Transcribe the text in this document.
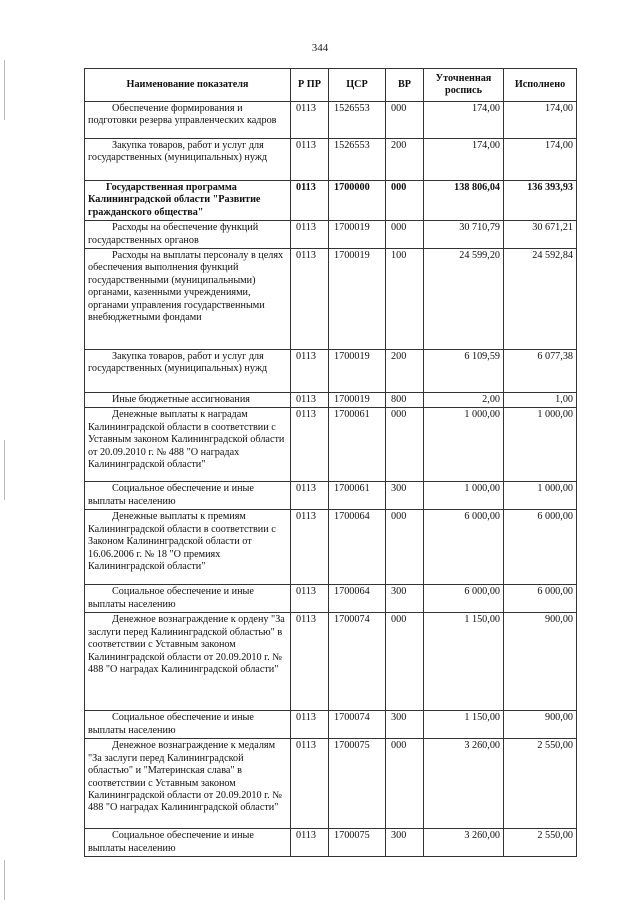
344
Наименование показателя	Р ПР	ЦСР	ВР	Уточненная роспись	Исполнено
Обеспечение формирования и подготовки резерва управленческих кадров	0113	1526553	000	174,00	174,00
Закупка товаров, работ и услуг для государственных (муниципальных) нужд	0113	1526553	200	174,00	174,00
Государственная программа Калининградской области "Развитие гражданского общества"	0113	1700000	000	138 806,04	136 393,93
Расходы на обеспечение функций государственных органов	0113	1700019	000	30 710,79	30 671,21
Расходы на выплаты персоналу в целях обеспечения выполнения функций государственными (муниципальными) органами, казенными учреждениями, органами управления государственными внебюджетными фондами	0113	1700019	100	24 599,20	24 592,84
Закупка товаров, работ и услуг для государственных (муниципальных) нужд	0113	1700019	200	6 109,59	6 077,38
Иные бюджетные ассигнования	0113	1700019	800	2,00	1,00
Денежные выплаты к наградам Калининградской области в соответствии с Уставным законом Калининградской области от 20.09.2010 г. № 488 "О наградах Калининградской области"	0113	1700061	000	1 000,00	1 000,00
Социальное обеспечение и иные выплаты населению	0113	1700061	300	1 000,00	1 000,00
Денежные выплаты к премиям Калининградской области в соответствии с Законом Калининградской области от 16.06.2006 г. № 18 "О премиях Калининградской области"	0113	1700064	000	6 000,00	6 000,00
Социальное обеспечение и иные выплаты населению	0113	1700064	300	6 000,00	6 000,00
Денежное вознаграждение к ордену "За заслуги перед Калининградской областью" в соответствии с Уставным законом Калининградской области от 20.09.2010 г. № 488 "О наградах Калининградской области"	0113	1700074	000	1 150,00	900,00
Социальное обеспечение и иные выплаты населению	0113	1700074	300	1 150,00	900,00
Денежное вознаграждение к медалям "За заслуги перед Калининградской областью" и "Материнская слава" в соответствии с Уставным законом Калининградской области от 20.09.2010 г. № 488 "О наградах Калининградской области"	0113	1700075	000	3 260,00	2 550,00
Социальное обеспечение и иные выплаты населению	0113	1700075	300	3 260,00	2 550,00
